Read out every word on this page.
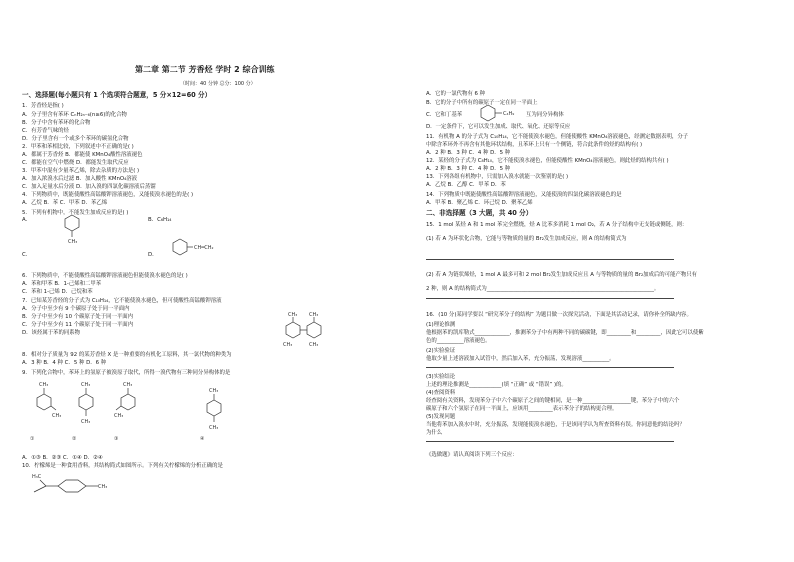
第二章 第二节 芳香烃 学时 2 综合训练
（时间：40 分钟 总分：100 分）
一、选择题(每小题只有 1 个选项符合题意，5 分×12=60 分）
1．芳香烃是指( )
A．分子里含有苯环 CₙH₂ₙ₋₆(n≥6)的化合物
B．分子中含有苯环的化合物
C．有芳香气味的烃
D．分子里含有一个或多个苯环的碳氢化合物
2．甲苯和苯相比较，下列叙述中不正确的是( )
A．都属于芳香烃 B．都能使 KMnO₄酸性溶液褪色
C．都能在空气中燃烧 D．都能发生取代反应
3．甲苯中混有少量苯乙烯，除去杂质的方法是( )
A．加入浓溴水后过滤 B．加入酸性 KMnO₄溶液
C．加入足量水后分液 D．加入溴的四氯化碳溶液后蒸馏
4．下列物质中，既能使酸性高锰酸钾溶液褪色，又能使溴水褪色的是( )
A．乙烷 B．苯 C．甲苯 D．苯乙烯
5．下列有机物中，不能发生加成反应的是( )
A．	B．C₆H₁₄
C．	D．
6．下列物质中，不能使酸性高锰酸钾溶液褪色但能使溴水褪色的是( )
A．苯和甲苯 B．1-己烯和二甲苯
C．苯和 1-己烯 D．己烷和苯
7．已知某芳香烃的分子式为 C₁₀H₁₄，它不能使溴水褪色，但可使酸性高锰酸钾溶液
A．分子中至少有 9 个碳原子处于同一平面内
B．分子中至少有 10 个碳原子处于同一平面内
C．分子中至少有 11 个碳原子处于同一平面内
D．该烃属于苯的同系物
8．相对分子质量为 92 的某芳香烃 X 是一种重要的有机化工原料，其一氯代物的种类为
A．3 种 B．4 种 C．5 种 D．6 种
9．下列化合物中，苯环上的氢原子被溴原子取代，所得一溴代物有三种同分异构体的是
A．①③ B．②③ C．①④ D．②④
10．柠檬烯是一种食用香料，其结构简式如图所示。下列有关柠檬烯的分析正确的是
A．它的一氯代物有 6 种
B．它的分子中所有的碳原子一定在同一平面上
C．它和丁基苯	互为同分异构体
D．一定条件下，它可以发生加成、取代、氧化、还原等反应
11．有机物 A 的分子式为 C₁₀H₁₄，它不能使溴水褪色，但能使酸性 KMnO₄溶液褪色，经测定数据表明，分子
中除含苯环外不再含有其他环状结构，且苯环上只有一个侧链，符合此条件的烃的结构有( )
A．2 种 B．3 种 C．4 种 D．5 种
12．某烃的分子式为 C₈H₁₀，它不能使溴水褪色，但能使酸性 KMnO₄溶液褪色，则此烃的结构共有( )
A．2 种 B．3 种 C．4 种 D．5 种
13．下列各组有机物中，只需加入溴水就能一次鉴别的是( )
A．乙烷 B．乙醇 C．甲苯 D．苯
14．下列物质中既能使酸性高锰酸钾溶液褪色，又能使溴的四氯化碳溶液褪色的是
A．甲苯 B．聚乙烯 C．环己烷 D．聚苯乙烯
二、非选择题（3 大题，共 40 分）
15．1 mol 某烃 A 和 1 mol 苯完全燃烧，烃 A 比苯多消耗 1 mol O₂，若 A 分子结构中无支链或侧链，则：
(1) 若 A 为环状化合物，它能与等物质的量的 Br₂发生加成反应，则 A 的结构简式为
(2) 若 A 为链状烯烃，1 mol A 最多可和 2 mol Br₂发生加成反应且 A 与等物质的量的 Br₂加成后的可能产物只有
2 种，则 A 的结构简式为______________________________________________________________。
16．(10 分)某同学要以 “研究苯分子的结构” 为题目做一次探究活动，下面是其活动记录，请你补全所缺内容。
(1)理论推测
他根据苯的凯库勒式_____________，推测苯分子中有两种不同的碳碳键，即_________和_________，因此它可以使紫
色的__________溶液褪色。
(2)实验验证
他取少量上述溶液加入试管中，然后加入苯，充分振荡，发现溶液__________。
(3)实验结论
上述的理论推测是____________(填 “正确” 或 “错误” )的。
(4)查阅资料
经查阅有关资料，发现苯分子中六个碳原子之间的键相同，是一种__________________键，苯分子中的六个
碳原子和六个氢原子在同一平面上，应该用_________表示苯分子的结构更合理。
(5)发现问题
当他将苯加入溴水中时，充分振荡，发现能使溴水褪色，于是该同学认为所查资料有误。你同意他的结论吗？
为什么
《选做题》请认真阅读下列三个反应：
CH₃
CH═CH₂
CH₃ CH₃
CH₃	CH₃
CH₃
CH₃
①
CH₃
CH₃
②
CH₃
CH₃
③
CH₃
CH₃
④
H₃C
CH₃
C₄H₉
